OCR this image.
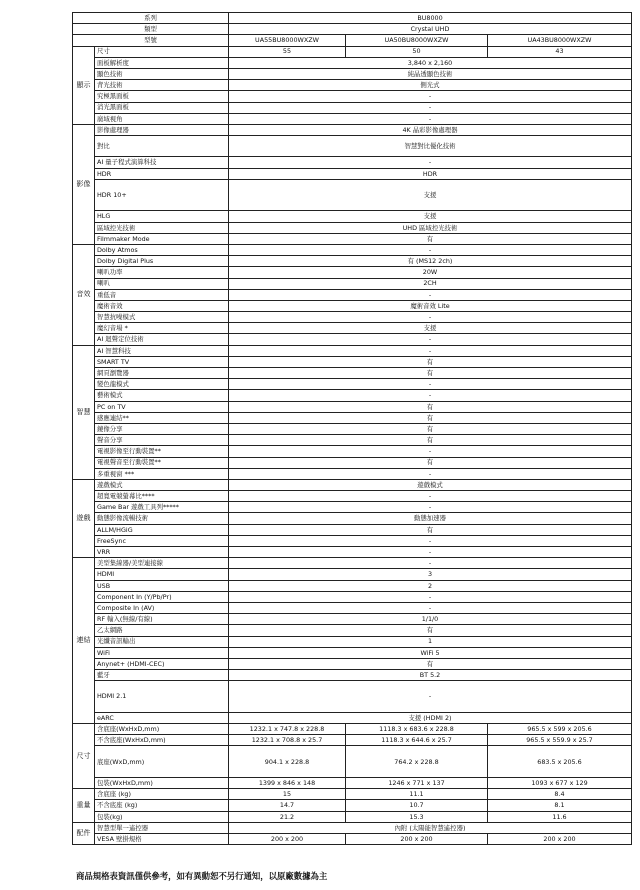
系列		BU8000		
類型		Crystal UHD		
型號		UA55BU8000WXZW	UA50BU8000WXZW	UA43BU8000WXZW
顯示	尺寸	55	50	43
	面板解析度	3,840 x 2,160		
	顯色技術	純晶透顯色技術		
	背光技術	側光式		
	究極黑面板	-		
	消光黑面板	-		
	廣域視角	-		
影像	影像處理器	4K 晶彩影像處理器		
	對比	智慧對比優化技術		
	AI 量子程式演算科技	-		
	HDR	HDR		
	HDR 10+	支援		
	HLG	支援		
	區域控光技術	UHD 區域控光技術		
	Filmmaker Mode	有		
音效	Dolby Atmos	-		
	Dolby Digital Plus	有 (MS12 2ch)		
	喇叭功率	20W		
	喇叭	2CH		
	重低音	-		
	魔術音效	魔術音效 Lite		
	智慧抗噪模式	-		
	魔幻音場 *	支援		
	AI 迴聲定位技術	-		
智慧	AI 智慧科技	-		
	SMART TV	有		
	網頁瀏覽器	有		
	變色龍模式	-		
	藝術模式	-		
	PC on TV	有		
	感應連結**	有		
	鏡像分享	有		
	聲音分享	有		
	電視影像至行動裝置**	-		
	電視聲音至行動裝置**	有		
	多重視窗 ***	-		
遊戲	遊戲模式	遊戲模式		
	超寬電競螢幕比****	-		
	Game Bar 遊戲工具列*****	-		
	動態影像流暢技術	動態加速器		
	ALLM/HGiG	有		
	FreeSync	-		
	VRR	-		
連結	美型集線器/美型連接線	-		
	HDMI	3		
	USB	2		
	Component In (Y/Pb/Pr)	-		
	Composite In (AV)	-		
	RF 輸入(無線/有線)	1/1/0		
	乙太網路	有		
	光纖音訊輸出	1		
	WiFi	WiFi 5		
	Anynet+ (HDMI-CEC)	有		
	藍牙	BT 5.2		
	HDMI 2.1	-		
	eARC	支援 (HDMI 2)		
尺寸	含底座(WxHxD,mm)	1232.1 x 747.8 x 228.8	1118.3 x 683.6 x 228.8	965.5 x 599 x 205.6
	不含底座(WxHxD,mm)	1232.1 x 708.8 x 25.7	1118.3 x 644.6 x 25.7	965.5 x 559.9 x 25.7
	底座(WxD,mm)	904.1 x 228.8	764.2 x 228.8	683.5 x 205.6
	包裝(WxHxD,mm)	1399 x 846 x 148	1246 x 771 x 137	1093 x 677 x 129
重量	含底座 (kg)	15	11.1	8.4
	不含底座 (kg)	14.7	10.7	8.1
	包裝(kg)	21.2	15.3	11.6
配件	智慧型單一遙控器	內附 (太陽能智慧遙控器)		
	VESA 壁掛規格	200 x 200	200 x 200	200 x 200
商品規格表資訊僅供參考，如有異動恕不另行通知，以原廠數據為主
